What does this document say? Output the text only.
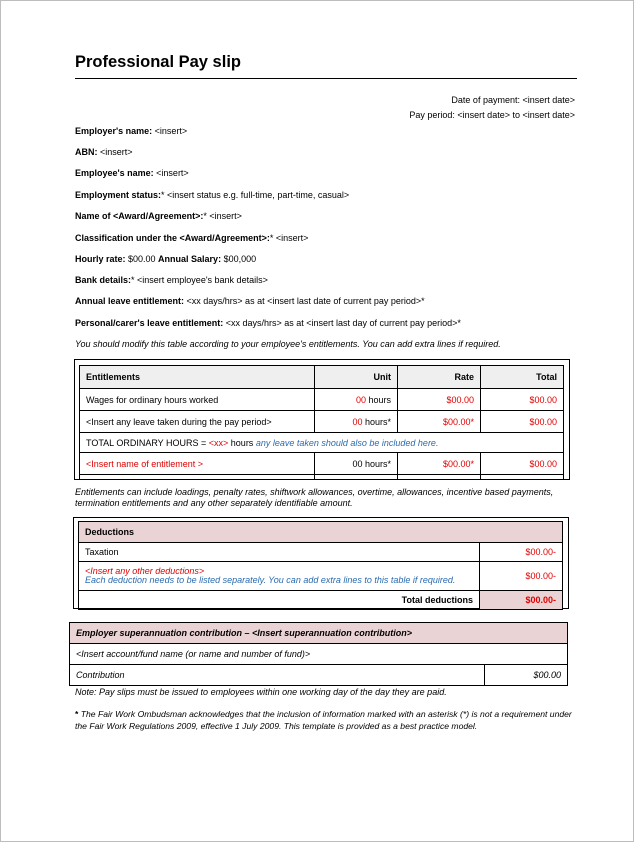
Professional Pay slip
Date of payment: <insert date>
Pay period: <insert date> to <insert date>
Employer's name: <insert>
ABN: <insert>
Employee's name: <insert>
Employment status:* <insert status e.g. full-time, part-time, casual>
Name of <Award/Agreement>:* <insert>
Classification under the <Award/Agreement>:* <insert>
Hourly rate: $00.00 Annual Salary: $00,000
Bank details:* <insert employee's bank details>
Annual leave entitlement: <xx days/hrs> as at <insert last date of current pay period>*
Personal/carer's leave entitlement: <xx days/hrs> as at <insert last day of current pay period>*
You should modify this table according to your employee's entitlements. You can add extra lines if required.
Entitlements	Unit	Rate	Total
Wages for ordinary hours worked	00 hours	$00.00	$00.00
<Insert any leave taken during the pay period>	00 hours*	$00.00*	$00.00
TOTAL ORDINARY HOURS = <xx> hours any leave taken should also be included here.			
<Insert name of entitlement >	00 hours*	$00.00*	$00.00

Entitlements can include loadings, penalty rates, shiftwork allowances, overtime, allowances, incentive based payments, termination entitlements and any other separately identifiable amount.
Deductions	
Taxation	$00.00-
<Insert any other deductions>
Each deduction needs to be listed separately. You can add extra lines to this table if required.	$00.00-
Total deductions	$00.00-
Employer superannuation contribution – <Insert superannuation contribution>
<Insert account/fund name (or name and number of fund)>
Contribution	$00.00
Note: Pay slips must be issued to employees within one working day of the day they are paid.
* The Fair Work Ombudsman acknowledges that the inclusion of information marked with an asterisk (*) is not a requirement under the Fair Work Regulations 2009, effective 1 July 2009. This template is provided as a best practice model.
